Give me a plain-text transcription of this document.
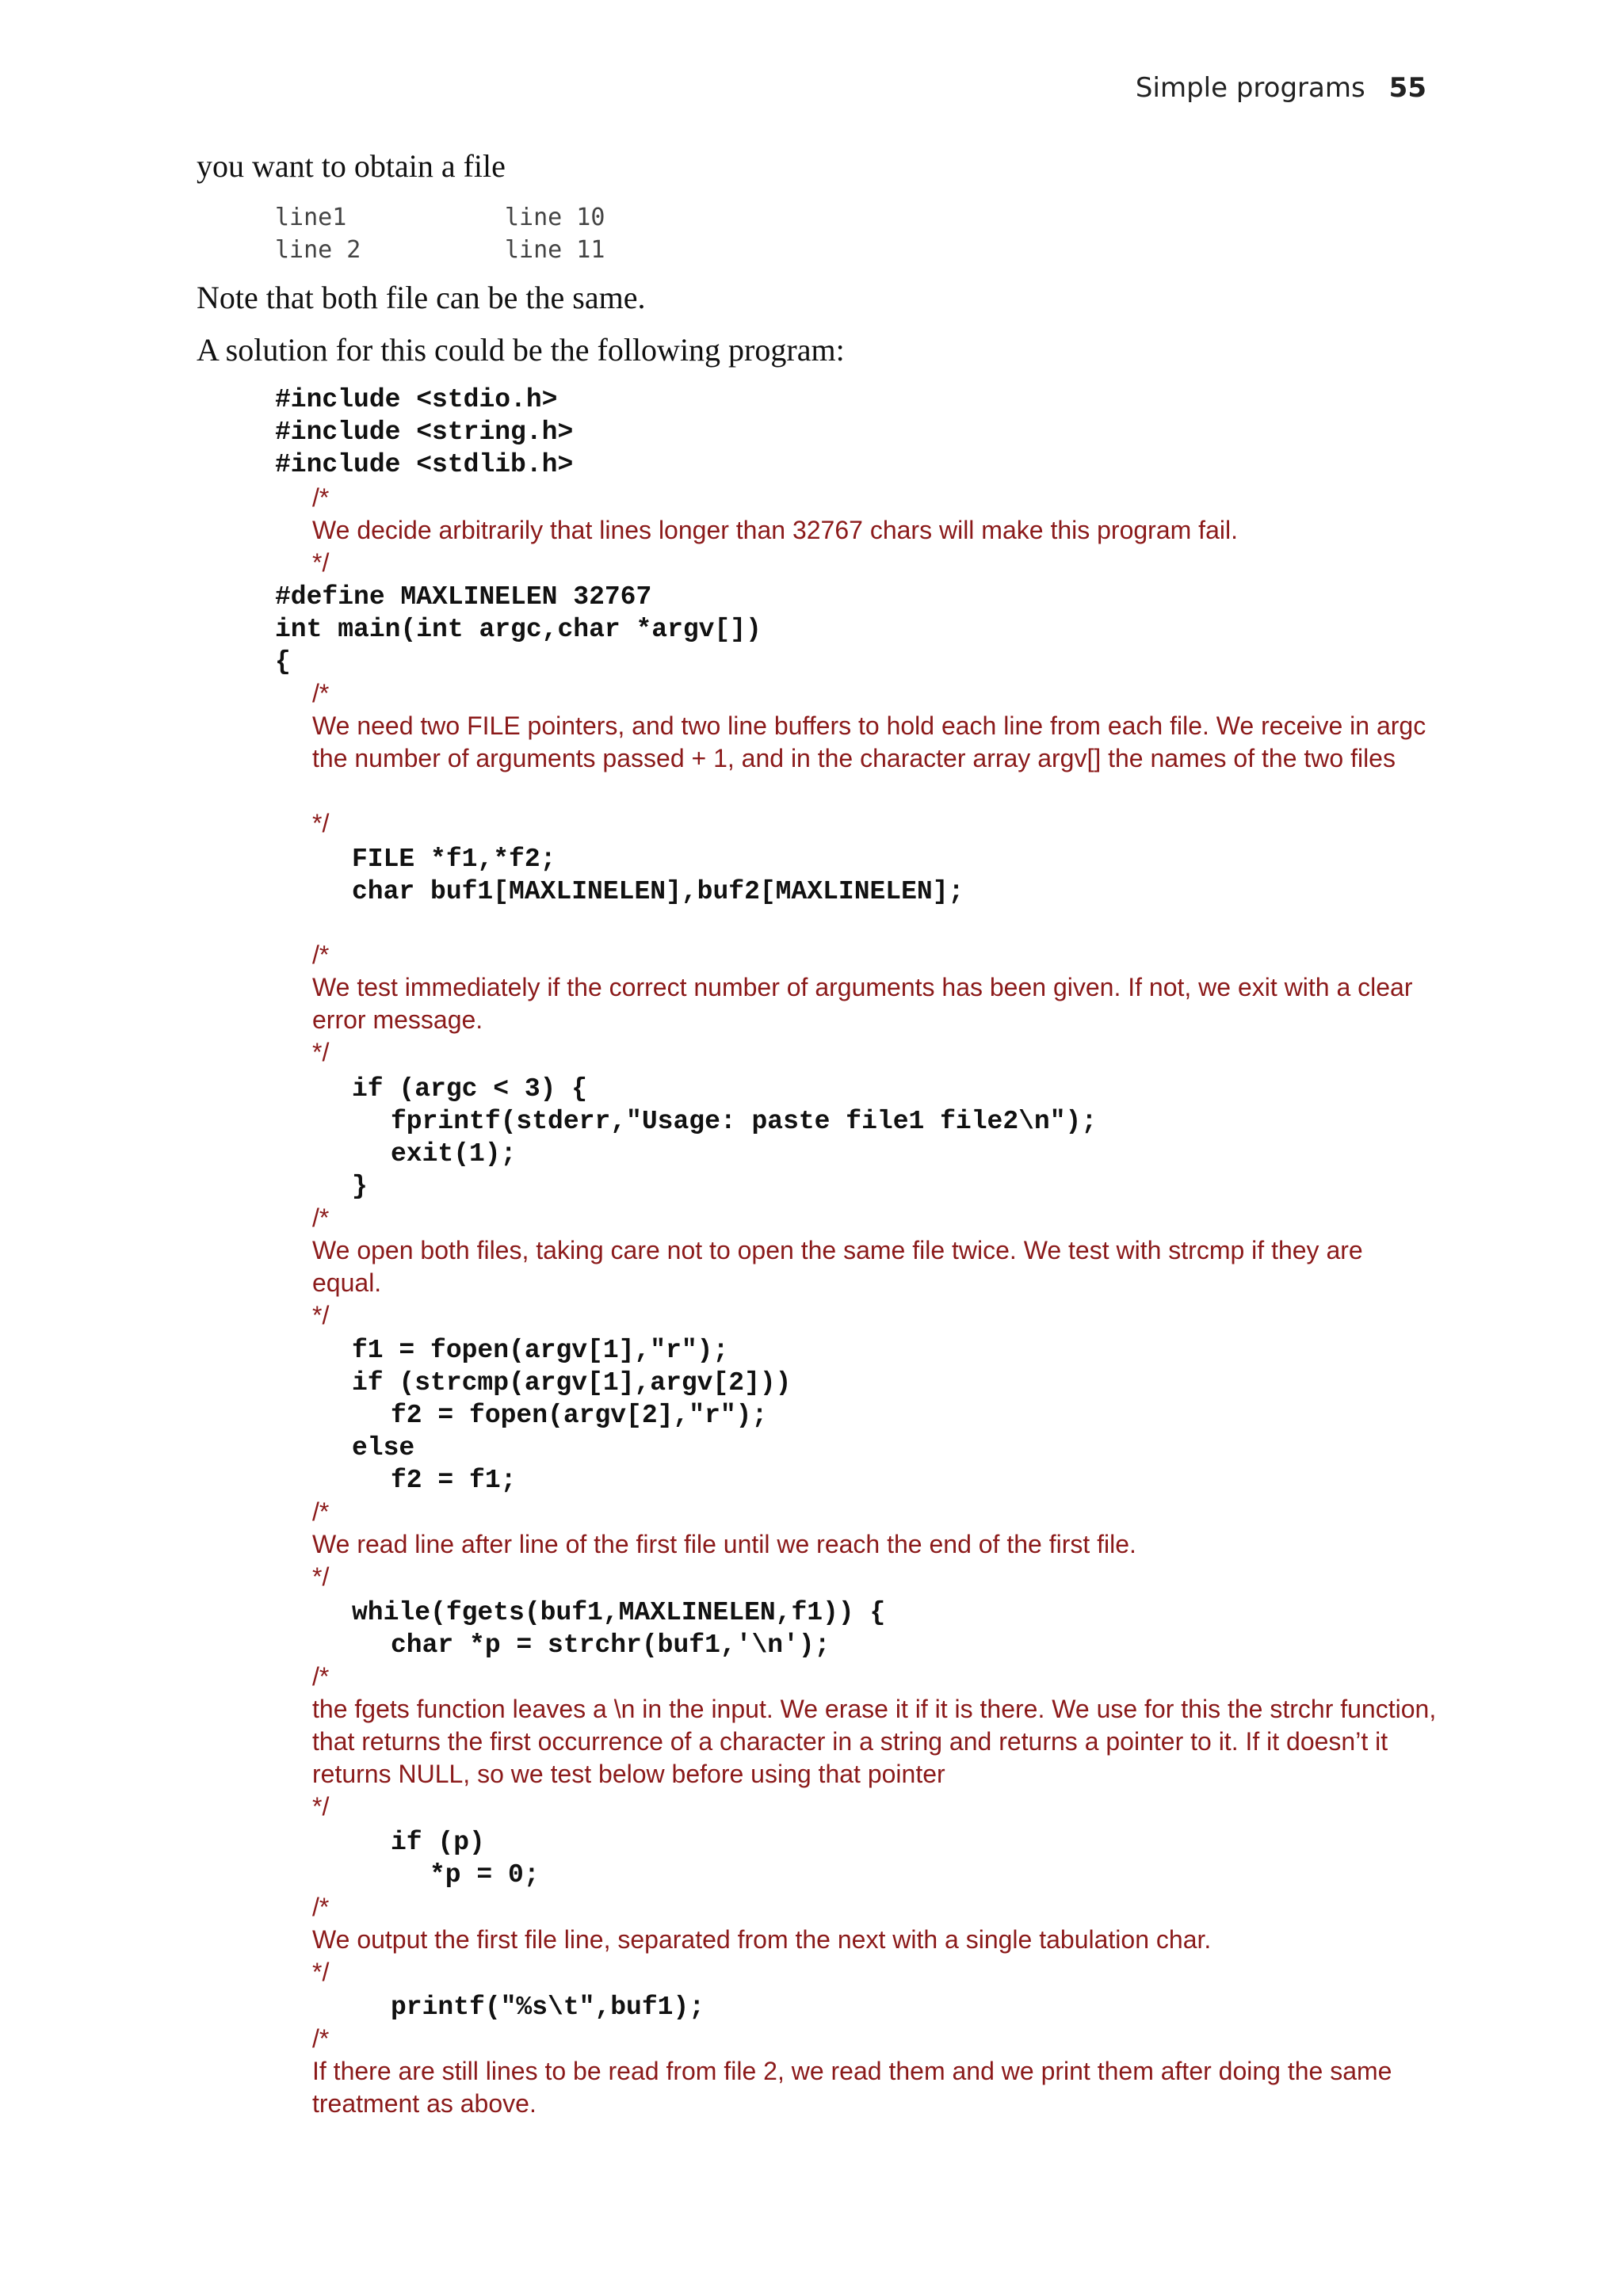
Simple programs 55

you want to obtain a file

line1	line 10
line 2	line 11

Note that both file can be the same.

A solution for this could be the following program:

#include <stdio.h>
#include <string.h>
#include <stdlib.h>
/*
We decide arbitrarily that lines longer than 32767 chars will make this program fail.
*/
#define MAXLINELEN 32767
int main(int argc,char *argv[])
{
/*
We need two FILE pointers, and two line buffers to hold each line from each file. We receive in argc the number of arguments passed + 1, and in the character array argv[] the names of the two files
*/
FILE *f1,*f2;
char buf1[MAXLINELEN],buf2[MAXLINELEN];
/*
We test immediately if the correct number of arguments has been given. If not, we exit with a clear error message.
*/
if (argc < 3) {
fprintf(stderr,"Usage: paste file1 file2\n");
exit(1);
}
/*
We open both files, taking care not to open the same file twice. We test with strcmp if they are equal.
*/
f1 = fopen(argv[1],"r");
if (strcmp(argv[1],argv[2]))
f2 = fopen(argv[2],"r");
else
f2 = f1;
/*
We read line after line of the first file until we reach the end of the first file.
*/
while(fgets(buf1,MAXLINELEN,f1)) {
char *p = strchr(buf1,'\n');
/*
the fgets function leaves a \n in the input. We erase it if it is there. We use for this the strchr function, that returns the first occurrence of a character in a string and returns a pointer to it. If it doesn’t it returns NULL, so we test below before using that pointer
*/
if (p)
*p = 0;
/*
We output the first file line, separated from the next with a single tabulation char.
*/
printf("%s\t",buf1);
/*
If there are still lines to be read from file 2, we read them and we print them after doing the same treatment as above.
